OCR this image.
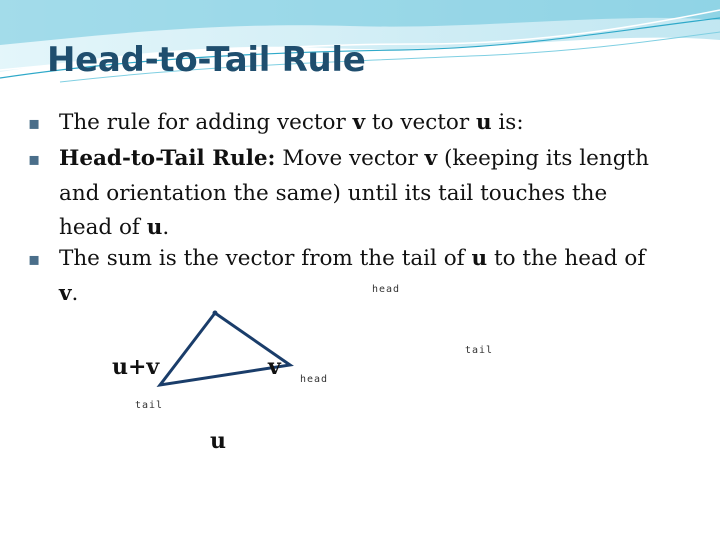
Head-to-Tail Rule
▪ The rule for adding vector v to vector u is:
▪ Head-to-Tail Rule: Move vector v (keeping its length
and orientation the same) until its tail touches the
head of u.
▪ The sum is the vector from the tail of u to the head of
v.	head
tail
head
tail
u+v	v
u
